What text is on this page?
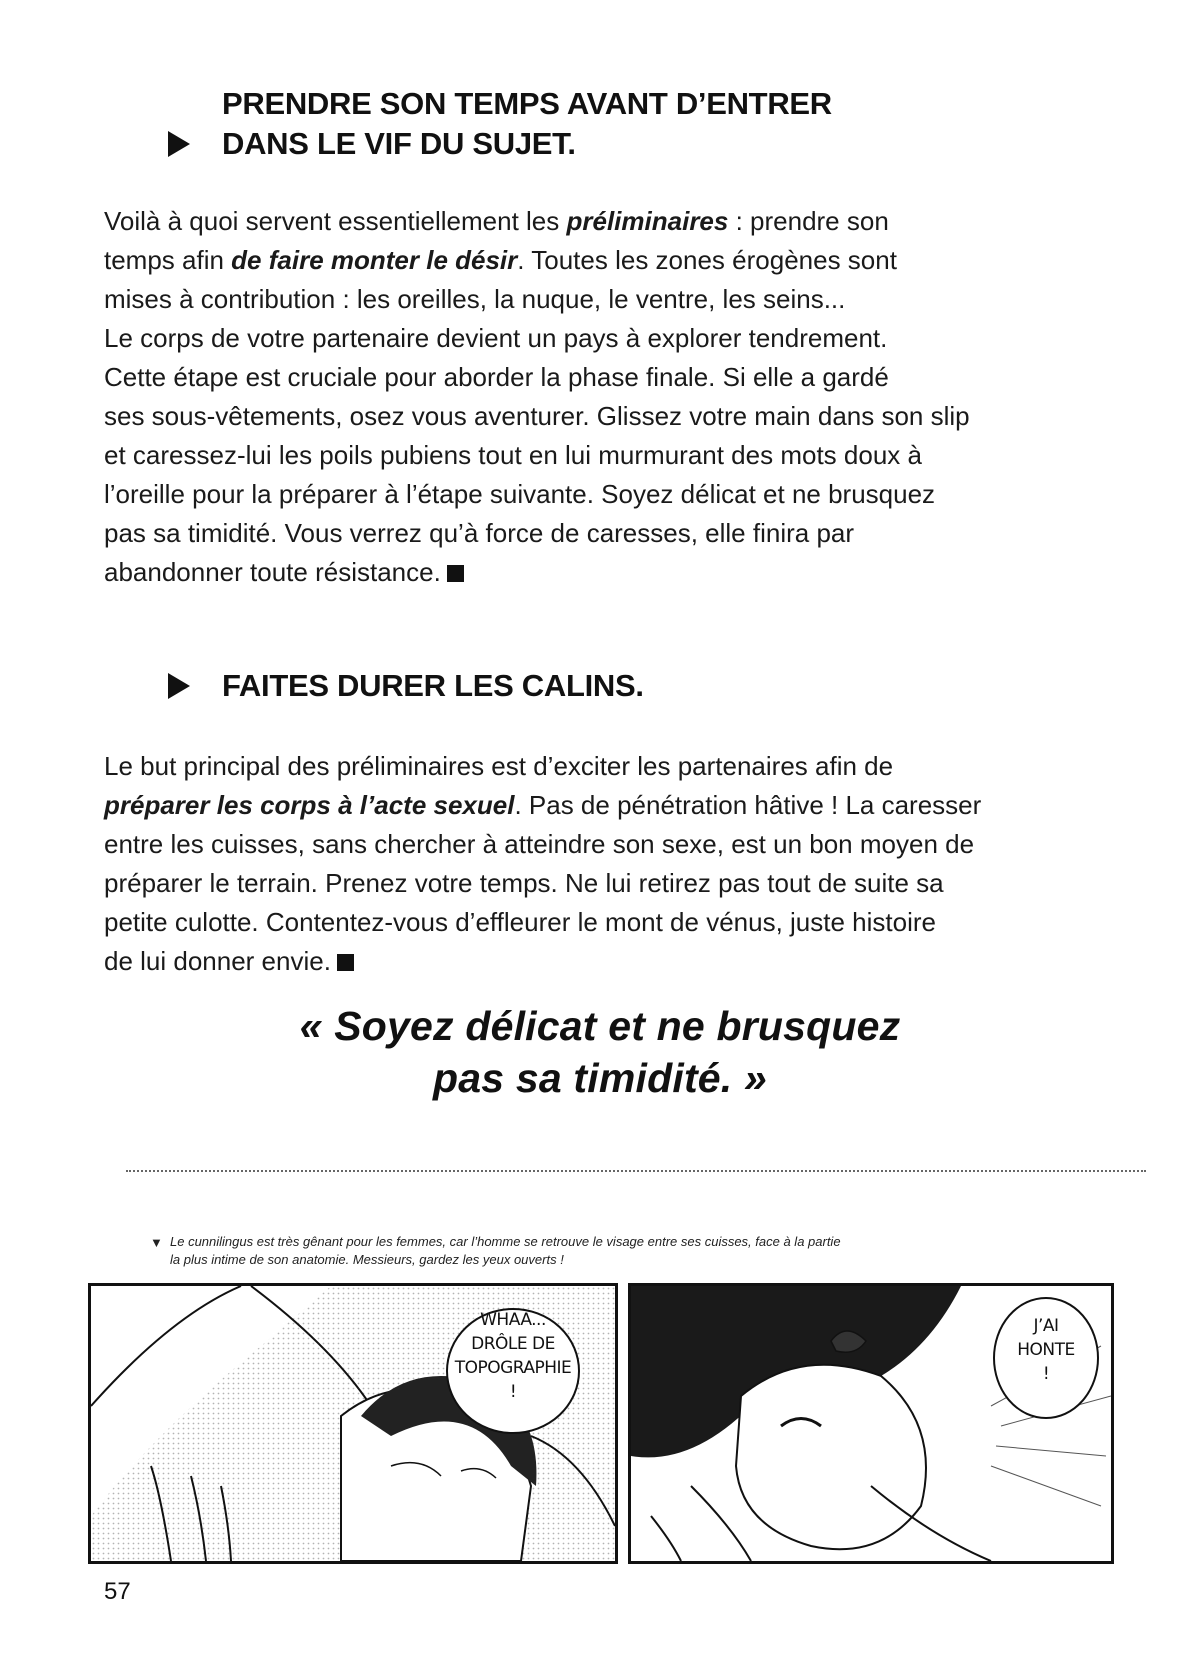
PRENDRE SON TEMPS AVANT D’ENTRER
DANS LE VIF DU SUJET.
Voilà à quoi servent essentiellement les préliminaires : prendre son
temps afin de faire monter le désir. Toutes les zones érogènes sont
mises à contribution : les oreilles, la nuque, le ventre, les seins...
Le corps de votre partenaire devient un pays à explorer tendrement.
Cette étape est cruciale pour aborder la phase finale. Si elle a gardé
ses sous-vêtements, osez vous aventurer. Glissez votre main dans son slip
et caressez-lui les poils pubiens tout en lui murmurant des mots doux à
l’oreille pour la préparer à l’étape suivante. Soyez délicat et ne brusquez
pas sa timidité. Vous verrez qu’à force de caresses, elle finira par
abandonner toute résistance.
FAITES DURER LES CALINS.
Le but principal des préliminaires est d’exciter les partenaires afin de
préparer les corps à l’acte sexuel. Pas de pénétration hâtive ! La caresser
entre les cuisses, sans chercher à atteindre son sexe, est un bon moyen de
préparer le terrain. Prenez votre temps. Ne lui retirez pas tout de suite sa
petite culotte. Contentez-vous d’effleurer le mont de vénus, juste histoire
de lui donner envie.
« Soyez délicat et ne brusquez
pas sa timidité. »
▼ Le cunnilingus est très gênant pour les femmes, car l’homme se retrouve le visage entre ses cuisses, face à la partie
la plus intime de son anatomie. Messieurs, gardez les yeux ouverts !
WHAA...
DRÔLE DE
TOPOGRAPHIE
!
J’AI
HONTE
!
57
